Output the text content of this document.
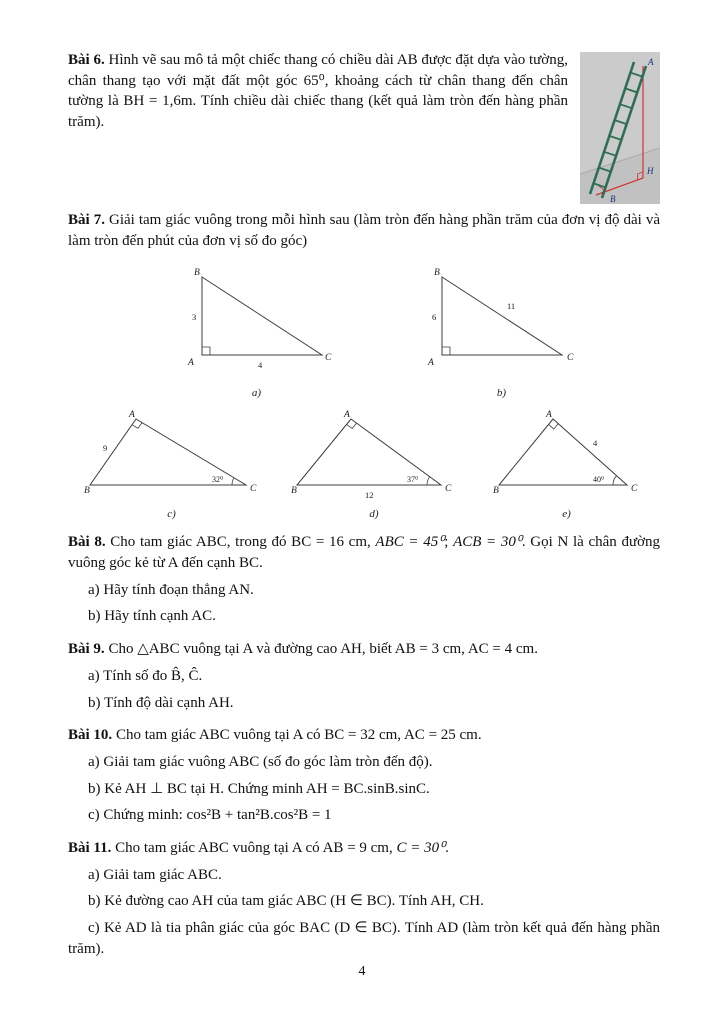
A
H
B

Bài 6. Hình vẽ sau mô tả một chiếc thang có chiều dài AB được đặt dựa vào tường, chân thang tạo với mặt đất một góc 65⁰, khoảng cách từ chân thang đến chân tường là BH = 1,6m. Tính chiều dài chiếc thang (kết quả làm tròn đến hàng phần trăm).

Bài 7. Giải tam giác vuông trong mỗi hình sau (làm tròn đến hàng phần trăm của đơn vị độ dài và làm tròn đến phút của đơn vị số đo góc)

B
A	C
3
4
a)
B
A	C
6
11
b)
A
B	C
9
32⁰
c)
A
B	C
12
37⁰
d)
A
B	C
4
40⁰
e)

Bài 8. Cho tam giác ABC, trong đó BC = 16 cm, ABC = 45⁰; ACB = 30⁰. Gọi N là chân đường vuông góc kẻ từ A đến cạnh BC.

a) Hãy tính đoạn thẳng AN.

b) Hãy tính cạnh AC.

Bài 9. Cho △ABC vuông tại A và đường cao AH, biết AB = 3 cm, AC = 4 cm.

a) Tính số đo B̂, Ĉ.

b) Tính độ dài cạnh AH.

Bài 10. Cho tam giác ABC vuông tại A có BC = 32 cm, AC = 25 cm.

a) Giải tam giác vuông ABC (số đo góc làm tròn đến độ).

b) Kẻ AH ⊥ BC tại H. Chứng minh AH = BC.sinB.sinC.

c) Chứng minh: cos²B + tan²B.cos²B = 1

Bài 11. Cho tam giác ABC vuông tại A có AB = 9 cm, C = 30⁰.

a) Giải tam giác ABC.

b) Kẻ đường cao AH của tam giác ABC (H ∈ BC). Tính AH, CH.

c) Kẻ AD là tia phân giác của góc BAC (D ∈ BC). Tính AD (làm tròn kết quả đến hàng phần trăm).

4
